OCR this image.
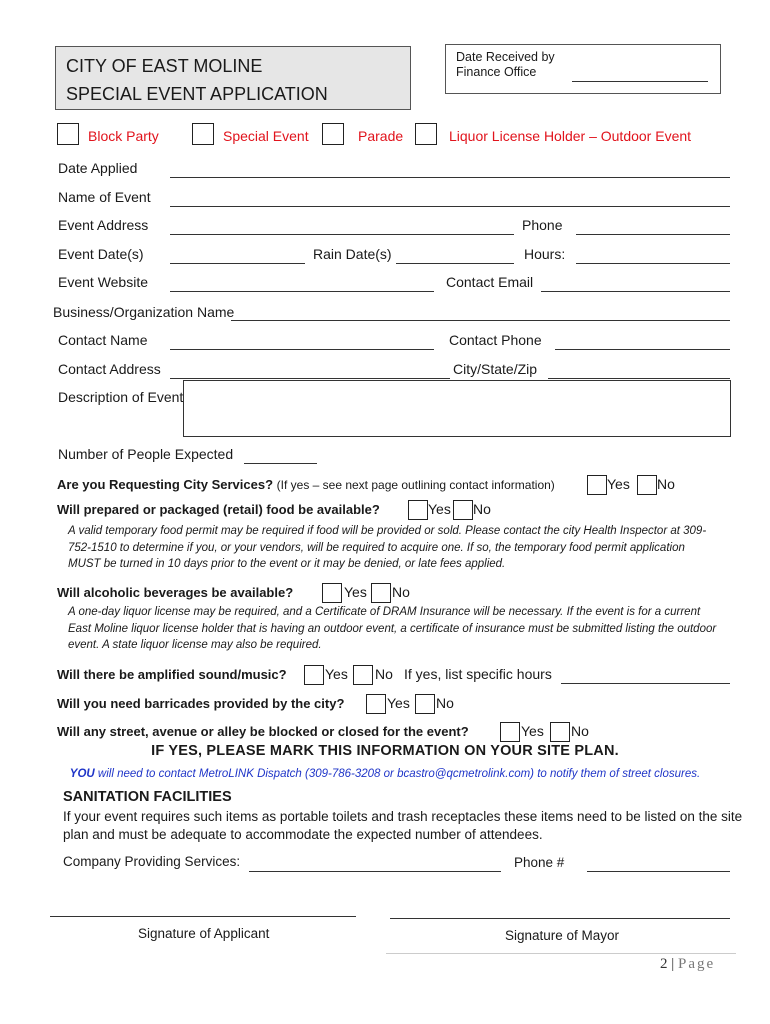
CITY OF EAST MOLINE
SPECIAL EVENT APPLICATION
Date Received by
Finance Office
Block Party	Special Event	Parade	Liquor License Holder – Outdoor Event
Date Applied
Name of Event
Event Address	Phone
Event Date(s)	Rain Date(s)	Hours:
Event Website	Contact Email
Business/Organization Name
Contact Name	Contact Phone
Contact Address	City/State/Zip
Description of Event
Number of People Expected
Are you Requesting City Services? (If yes – see next page outlining contact information)	Yes No
Will prepared or packaged (retail) food be available?	Yes No
A valid temporary food permit may be required if food will be provided or sold. Please contact the city Health Inspector at 309-752-1510 to determine if you, or your vendors, will be required to acquire one. If so, the temporary food permit application MUST be turned in 10 days prior to the event or it may be denied, or late fees applied.
Will alcoholic beverages be available?	Yes No
A one-day liquor license may be required, and a Certificate of DRAM Insurance will be necessary. If the event is for a current East Moline liquor license holder that is having an outdoor event, a certificate of insurance must be submitted listing the outdoor event. A state liquor license may also be required.
Will there be amplified sound/music?	Yes No If yes, list specific hours
Will you need barricades provided by the city?	Yes No
Will any street, avenue or alley be blocked or closed for the event?	Yes No
IF YES, PLEASE MARK THIS INFORMATION ON YOUR SITE PLAN.
YOU will need to contact MetroLINK Dispatch (309-786-3208 or bcastro@qcmetrolink.com) to notify them of street closures.
SANITATION FACILITIES
If your event requires such items as portable toilets and trash receptacles these items need to be listed on the site plan and must be adequate to accommodate the expected number of attendees.
Company Providing Services:	Phone #
Signature of Applicant	Signature of Mayor
2 | Page
